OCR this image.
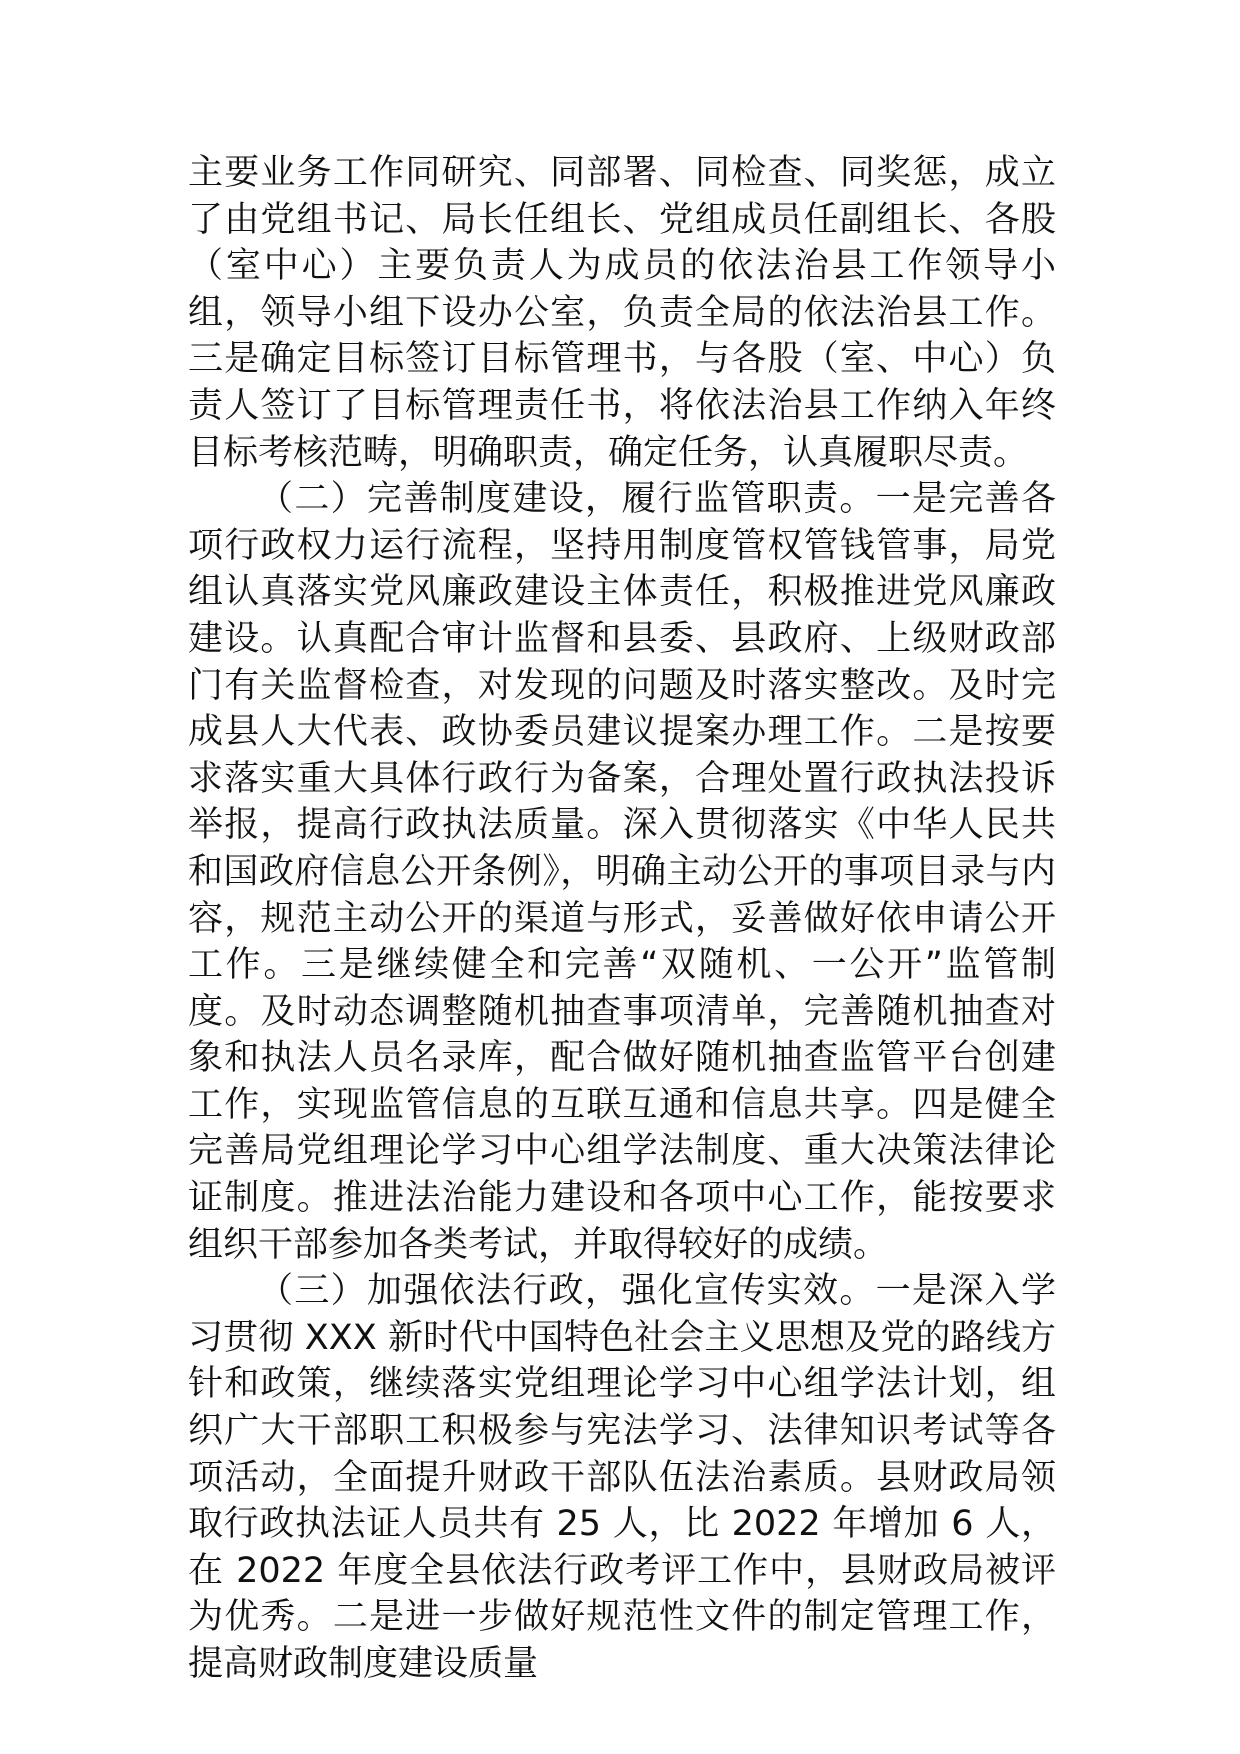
主要业务工作同研究、同部署、同检查、同奖惩，成立了由党组书记、局长任组长、党组成员任副组长、各股（室中心）主要负责人为成员的依法治县工作领导小组，领导小组下设办公室，负责全局的依法治县工作。三是确定目标签订目标管理书，与各股（室、中心）负责人签订了目标管理责任书，将依法治县工作纳入年终目标考核范畴，明确职责，确定任务，认真履职尽责。

（二）完善制度建设，履行监管职责。一是完善各项行政权力运行流程，坚持用制度管权管钱管事，局党组认真落实党风廉政建设主体责任，积极推进党风廉政建设。认真配合审计监督和县委、县政府、上级财政部门有关监督检查，对发现的问题及时落实整改。及时完成县人大代表、政协委员建议提案办理工作。二是按要求落实重大具体行政行为备案，合理处置行政执法投诉举报，提高行政执法质量。深入贯彻落实《中华人民共和国政府信息公开条例》，明确主动公开的事项目录与内容，规范主动公开的渠道与形式，妥善做好依申请公开工作。三是继续健全和完善“双随机、一公开”监管制度。及时动态调整随机抽查事项清单，完善随机抽查对象和执法人员名录库，配合做好随机抽查监管平台创建工作，实现监管信息的互联互通和信息共享。四是健全完善局党组理论学习中心组学法制度、重大决策法律论证制度。推进法治能力建设和各项中心工作，能按要求组织干部参加各类考试，并取得较好的成绩。

（三）加强依法行政，强化宣传实效。一是深入学习贯彻 XXX 新时代中国特色社会主义思想及党的路线方针和政策，继续落实党组理论学习中心组学法计划，组织广大干部职工积极参与宪法学习、法律知识考试等各项活动，全面提升财政干部队伍法治素质。县财政局领取行政执法证人员共有 25 人，比 2022 年增加 6 人，在 2022 年度全县依法行政考评工作中，县财政局被评为优秀。二是进一步做好规范性文件的制定管理工作，提高财政制度建设质量
